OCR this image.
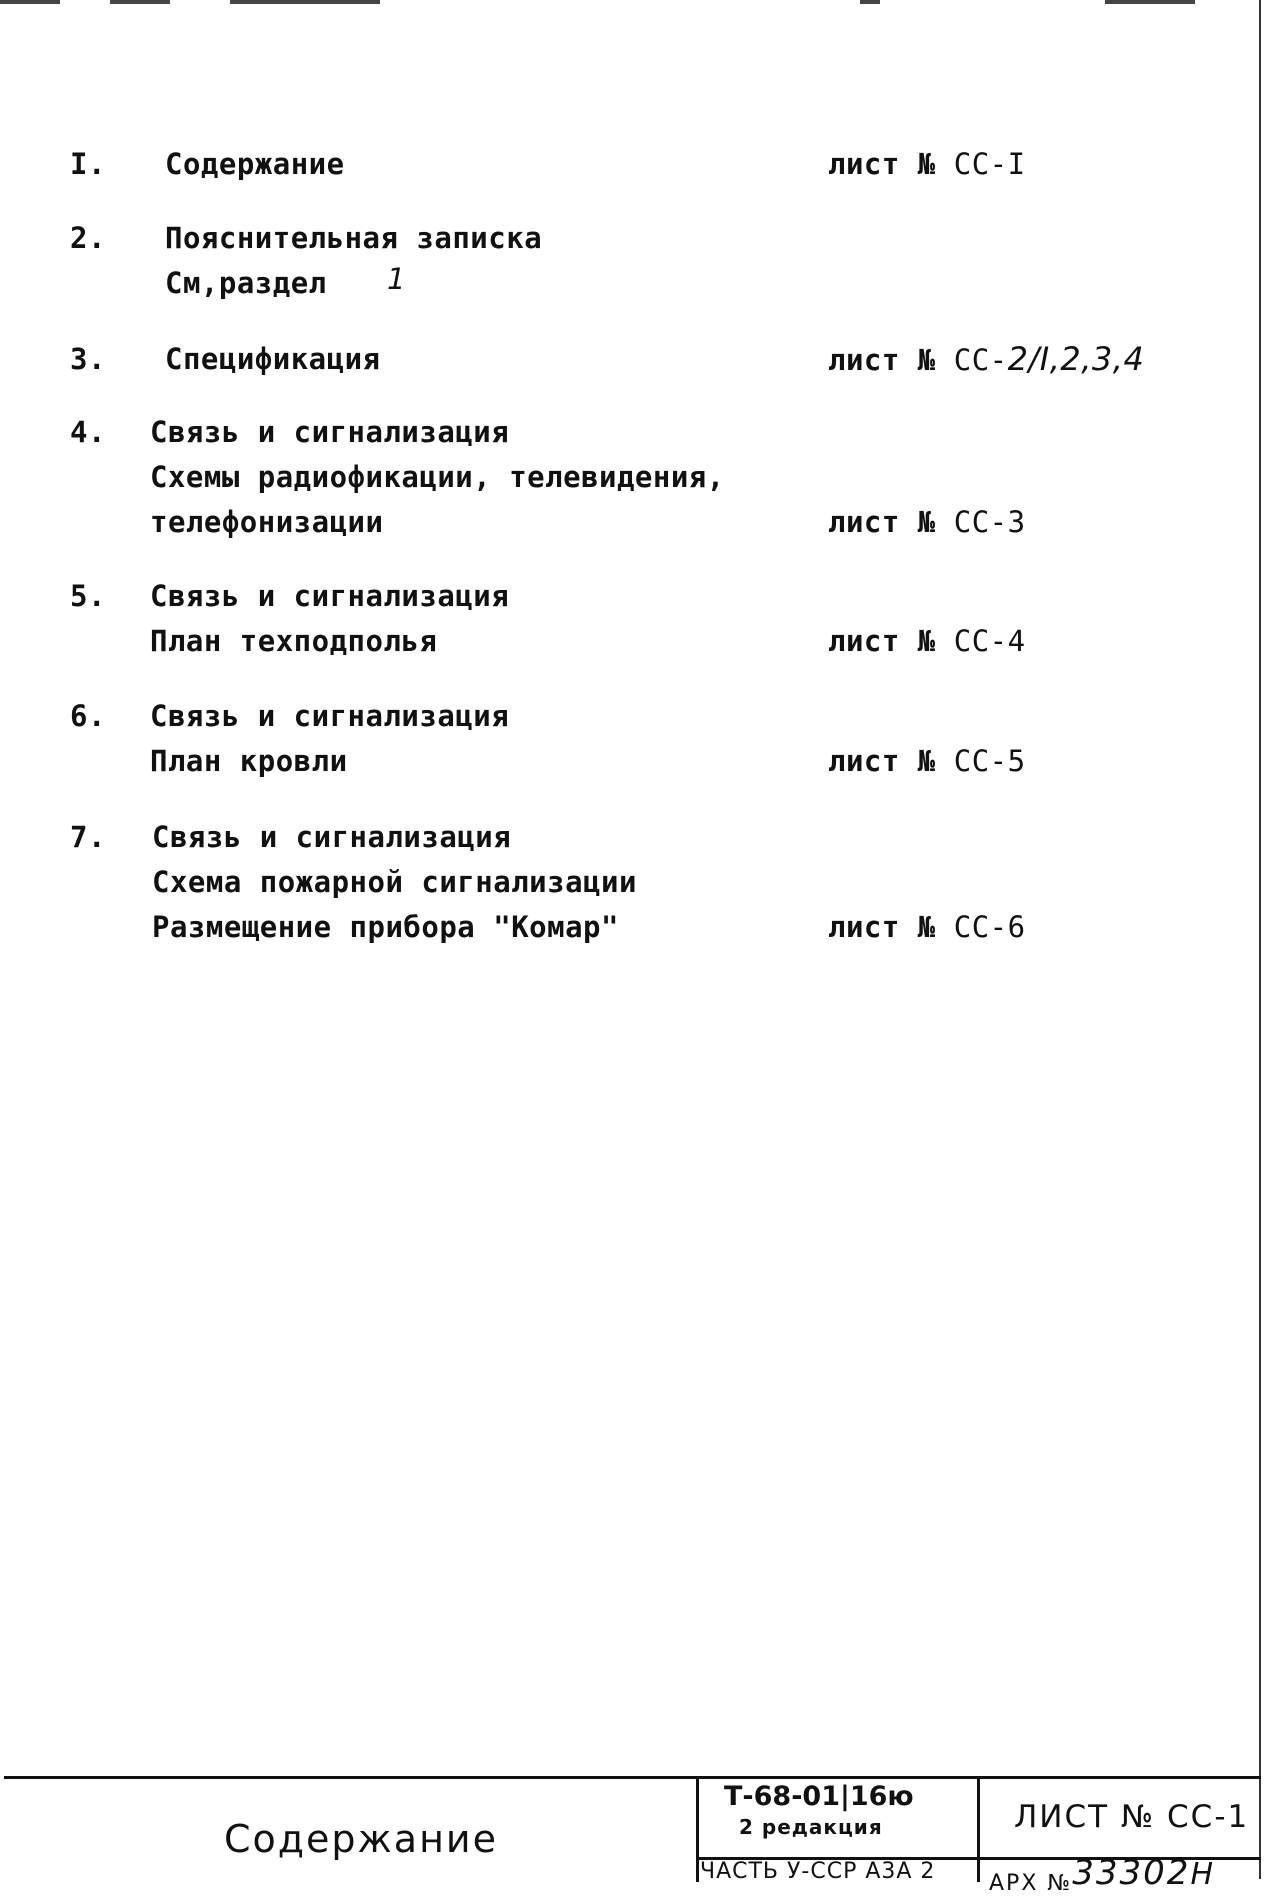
I. Содержание	лист № СС-I
2. Пояснительная записка
См,раздел 1
3. Спецификация	лист № СС-2/I,2,3,4
4. Связь и сигнализация
Схемы радиофикации, телевидения,
телефонизации	лист № СС-3
5. Связь и сигнализация
План техподполья	лист № СС-4
6. Связь и сигнализация
План кровли	лист № СС-5
7. Связь и сигнализация
Схема пожарной сигнализации
Размещение прибора "Комар"	лист № СС-6
Содержание
Т-68-01|16ю
2 редакция
ЧАСТЬ У-ССР А3А 2
ЛИСТ № СС-1
АРХ №33302Н
